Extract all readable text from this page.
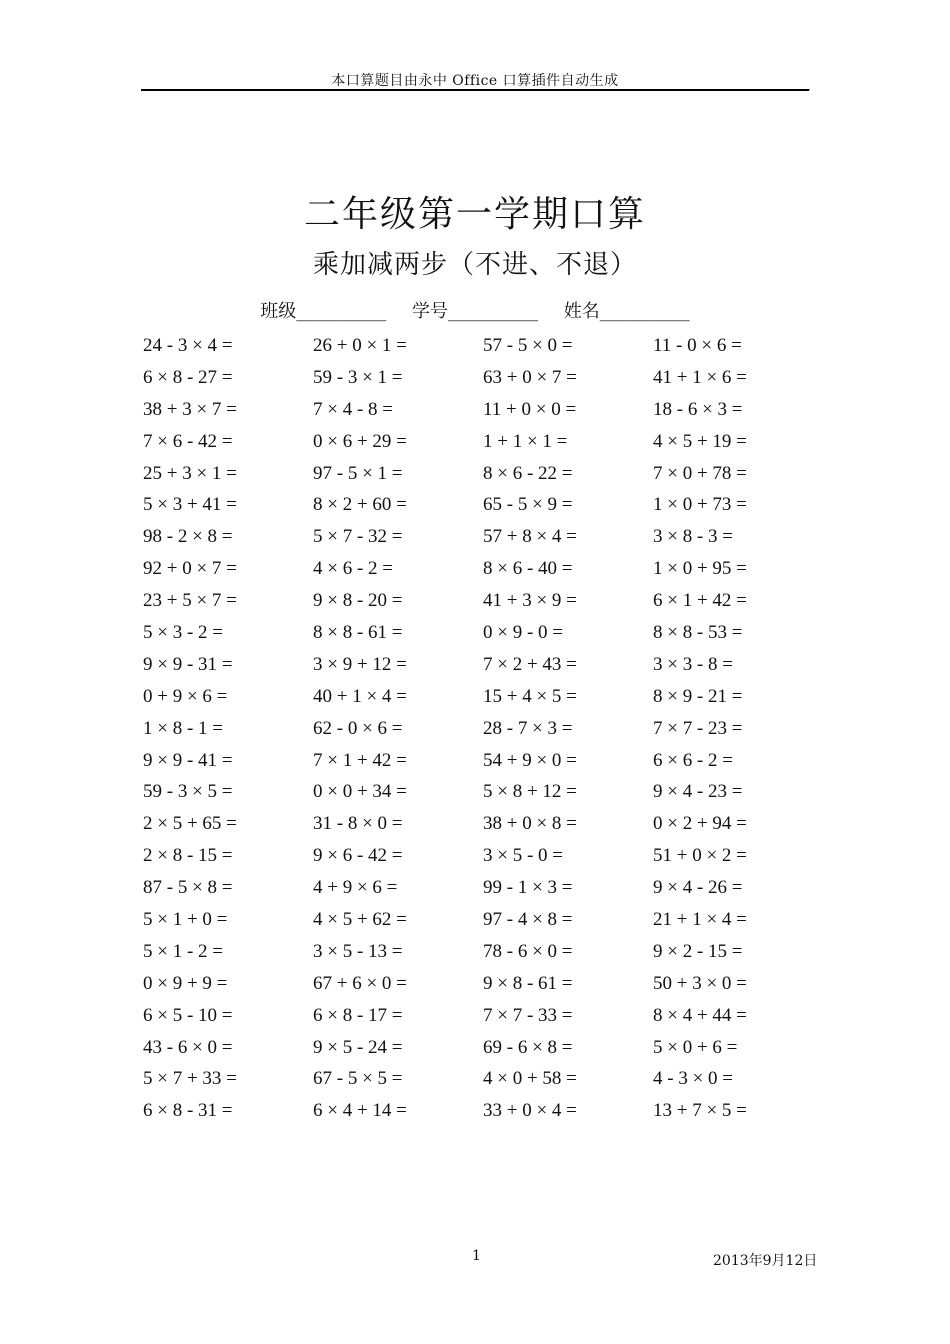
本口算题目由永中 Office 口算插件自动生成	.
二年级第一学期口算
乘加减两步（不进、不退）
班级__________ 学号__________ 姓名__________
24 - 3 × 4 =	26 + 0 × 1 =	57 - 5 × 0 =	11 - 0 × 6 =
6 × 8 - 27 =	59 - 3 × 1 =	63 + 0 × 7 =	41 + 1 × 6 =
38 + 3 × 7 =	7 × 4 - 8 =	11 + 0 × 0 =	18 - 6 × 3 =
7 × 6 - 42 =	0 × 6 + 29 =	1 + 1 × 1 =	4 × 5 + 19 =
25 + 3 × 1 =	97 - 5 × 1 =	8 × 6 - 22 =	7 × 0 + 78 =
5 × 3 + 41 =	8 × 2 + 60 =	65 - 5 × 9 =	1 × 0 + 73 =
98 - 2 × 8 =	5 × 7 - 32 =	57 + 8 × 4 =	3 × 8 - 3 =
92 + 0 × 7 =	4 × 6 - 2 =	8 × 6 - 40 =	1 × 0 + 95 =
23 + 5 × 7 =	9 × 8 - 20 =	41 + 3 × 9 =	6 × 1 + 42 =
5 × 3 - 2 =	8 × 8 - 61 =	0 × 9 - 0 =	8 × 8 - 53 =
9 × 9 - 31 =	3 × 9 + 12 =	7 × 2 + 43 =	3 × 3 - 8 =
0 + 9 × 6 =	40 + 1 × 4 =	15 + 4 × 5 =	8 × 9 - 21 =
1 × 8 - 1 =	62 - 0 × 6 =	28 - 7 × 3 =	7 × 7 - 23 =
9 × 9 - 41 =	7 × 1 + 42 =	54 + 9 × 0 =	6 × 6 - 2 =
59 - 3 × 5 =	0 × 0 + 34 =	5 × 8 + 12 =	9 × 4 - 23 =
2 × 5 + 65 =	31 - 8 × 0 =	38 + 0 × 8 =	0 × 2 + 94 =
2 × 8 - 15 =	9 × 6 - 42 =	3 × 5 - 0 =	51 + 0 × 2 =
87 - 5 × 8 =	4 + 9 × 6 =	99 - 1 × 3 =	9 × 4 - 26 =
5 × 1 + 0 =	4 × 5 + 62 =	97 - 4 × 8 =	21 + 1 × 4 =
5 × 1 - 2 =	3 × 5 - 13 =	78 - 6 × 0 =	9 × 2 - 15 =
0 × 9 + 9 =	67 + 6 × 0 =	9 × 8 - 61 =	50 + 3 × 0 =
6 × 5 - 10 =	6 × 8 - 17 =	7 × 7 - 33 =	8 × 4 + 44 =
43 - 6 × 0 =	9 × 5 - 24 =	69 - 6 × 8 =	5 × 0 + 6 =
5 × 7 + 33 =	67 - 5 × 5 =	4 × 0 + 58 =	4 - 3 × 0 =
6 × 8 - 31 =	6 × 4 + 14 =	33 + 0 × 4 =	13 + 7 × 5 =
1	2013年9月12日
